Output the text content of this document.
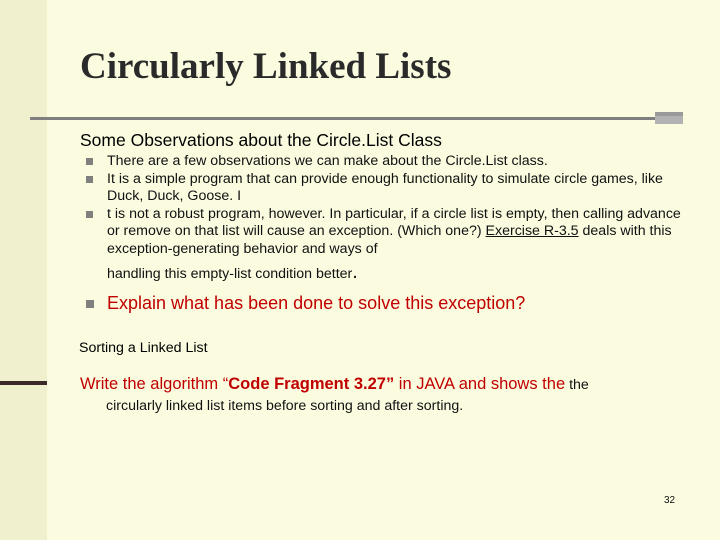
Circularly Linked Lists
Some Observations about the Circle.List Class
There are a few observations we can make about the Circle.List class.
It is a simple program that can provide enough functionality to simulate circle games, like Duck, Duck, Goose. I
t is not a robust program, however. In particular, if a circle list is empty, then calling advance or remove on that list will cause an exception. (Which one?) Exercise R-3.5 deals with this exception-generating behavior and ways of
handling this empty-list condition better.
Explain what has been done to solve this exception?
Sorting a Linked List
Write the algorithm “Code Fragment 3.27” in JAVA and shows the the
circularly linked list items before sorting and after sorting.
32
